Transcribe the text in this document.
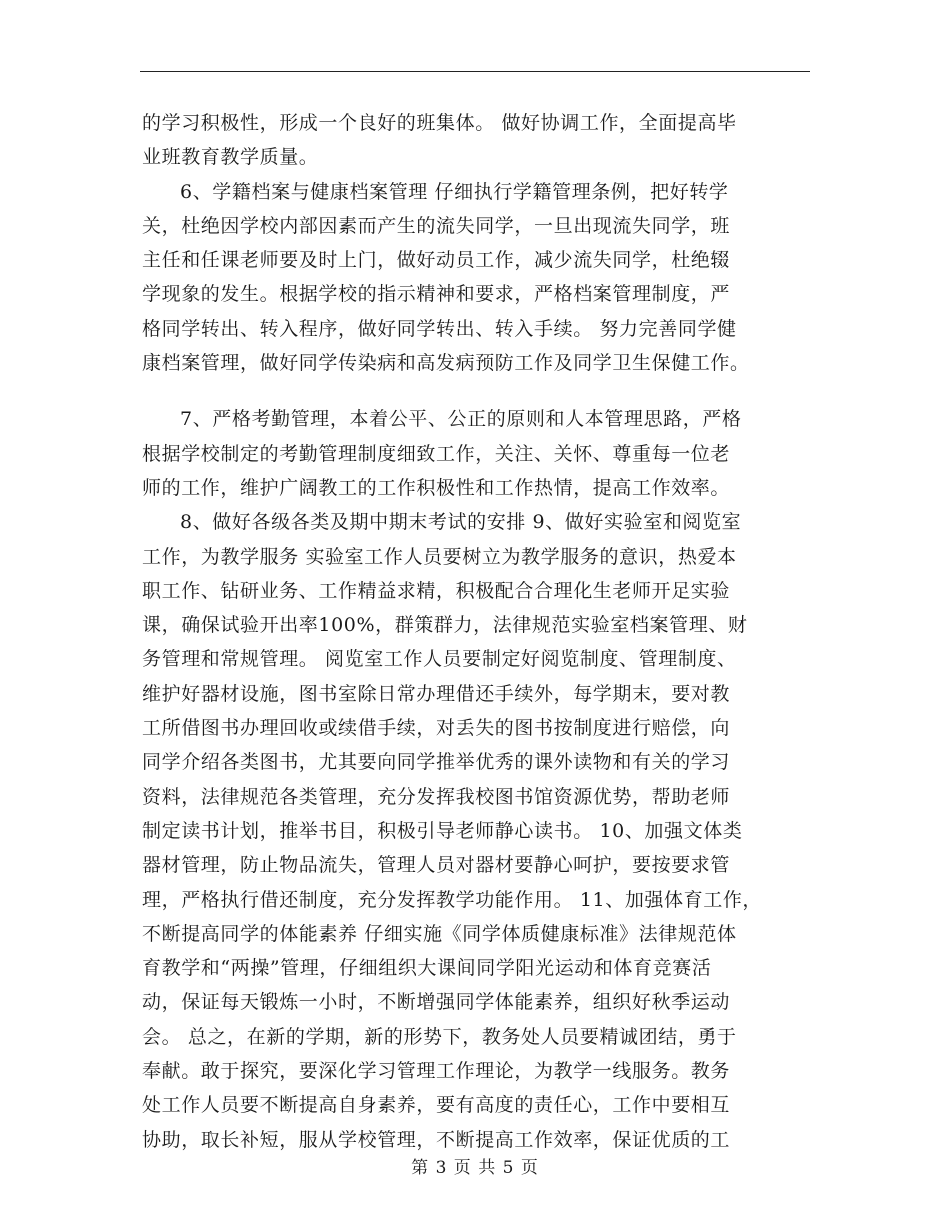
的学习积极性，形成一个良好的班集体。 做好协调工作，全面提高毕
业班教育教学质量。
6、学籍档案与健康档案管理 仔细执行学籍管理条例，把好转学
关，杜绝因学校内部因素而产生的流失同学，一旦出现流失同学，班
主任和任课老师要及时上门，做好动员工作，减少流失同学，杜绝辍
学现象的发生。根据学校的指示精神和要求，严格档案管理制度，严
格同学转出、转入程序，做好同学转出、转入手续。 努力完善同学健
康档案管理，做好同学传染病和高发病预防工作及同学卫生保健工作。
7、严格考勤管理，本着公平、公正的原则和人本管理思路，严格
根据学校制定的考勤管理制度细致工作，关注、关怀、尊重每一位老
师的工作，维护广阔教工的工作积极性和工作热情，提高工作效率。
8、做好各级各类及期中期末考试的安排 9、做好实验室和阅览室
工作，为教学服务 实验室工作人员要树立为教学服务的意识，热爱本
职工作、钻研业务、工作精益求精，积极配合合理化生老师开足实验
课，确保试验开出率100%，群策群力，法律规范实验室档案管理、财
务管理和常规管理。 阅览室工作人员要制定好阅览制度、管理制度、
维护好器材设施，图书室除日常办理借还手续外，每学期末，要对教
工所借图书办理回收或续借手续，对丢失的图书按制度进行赔偿，向
同学介绍各类图书，尤其要向同学推举优秀的课外读物和有关的学习
资料，法律规范各类管理，充分发挥我校图书馆资源优势，帮助老师
制定读书计划，推举书目，积极引导老师静心读书。 10、加强文体类
器材管理，防止物品流失，管理人员对器材要静心呵护，要按要求管
理，严格执行借还制度，充分发挥教学功能作用。 11、加强体育工作，
不断提高同学的体能素养 仔细实施《同学体质健康标准》法律规范体
育教学和“两操”管理，仔细组织大课间同学阳光运动和体育竞赛活
动，保证每天锻炼一小时，不断增强同学体能素养，组织好秋季运动
会。 总之，在新的学期，新的形势下，教务处人员要精诚团结，勇于
奉献。敢于探究，要深化学习管理工作理论，为教学一线服务。教务
处工作人员要不断提高自身素养，要有高度的责任心，工作中要相互
协助，取长补短，服从学校管理，不断提高工作效率，保证优质的工
第 3 页 共 5 页
